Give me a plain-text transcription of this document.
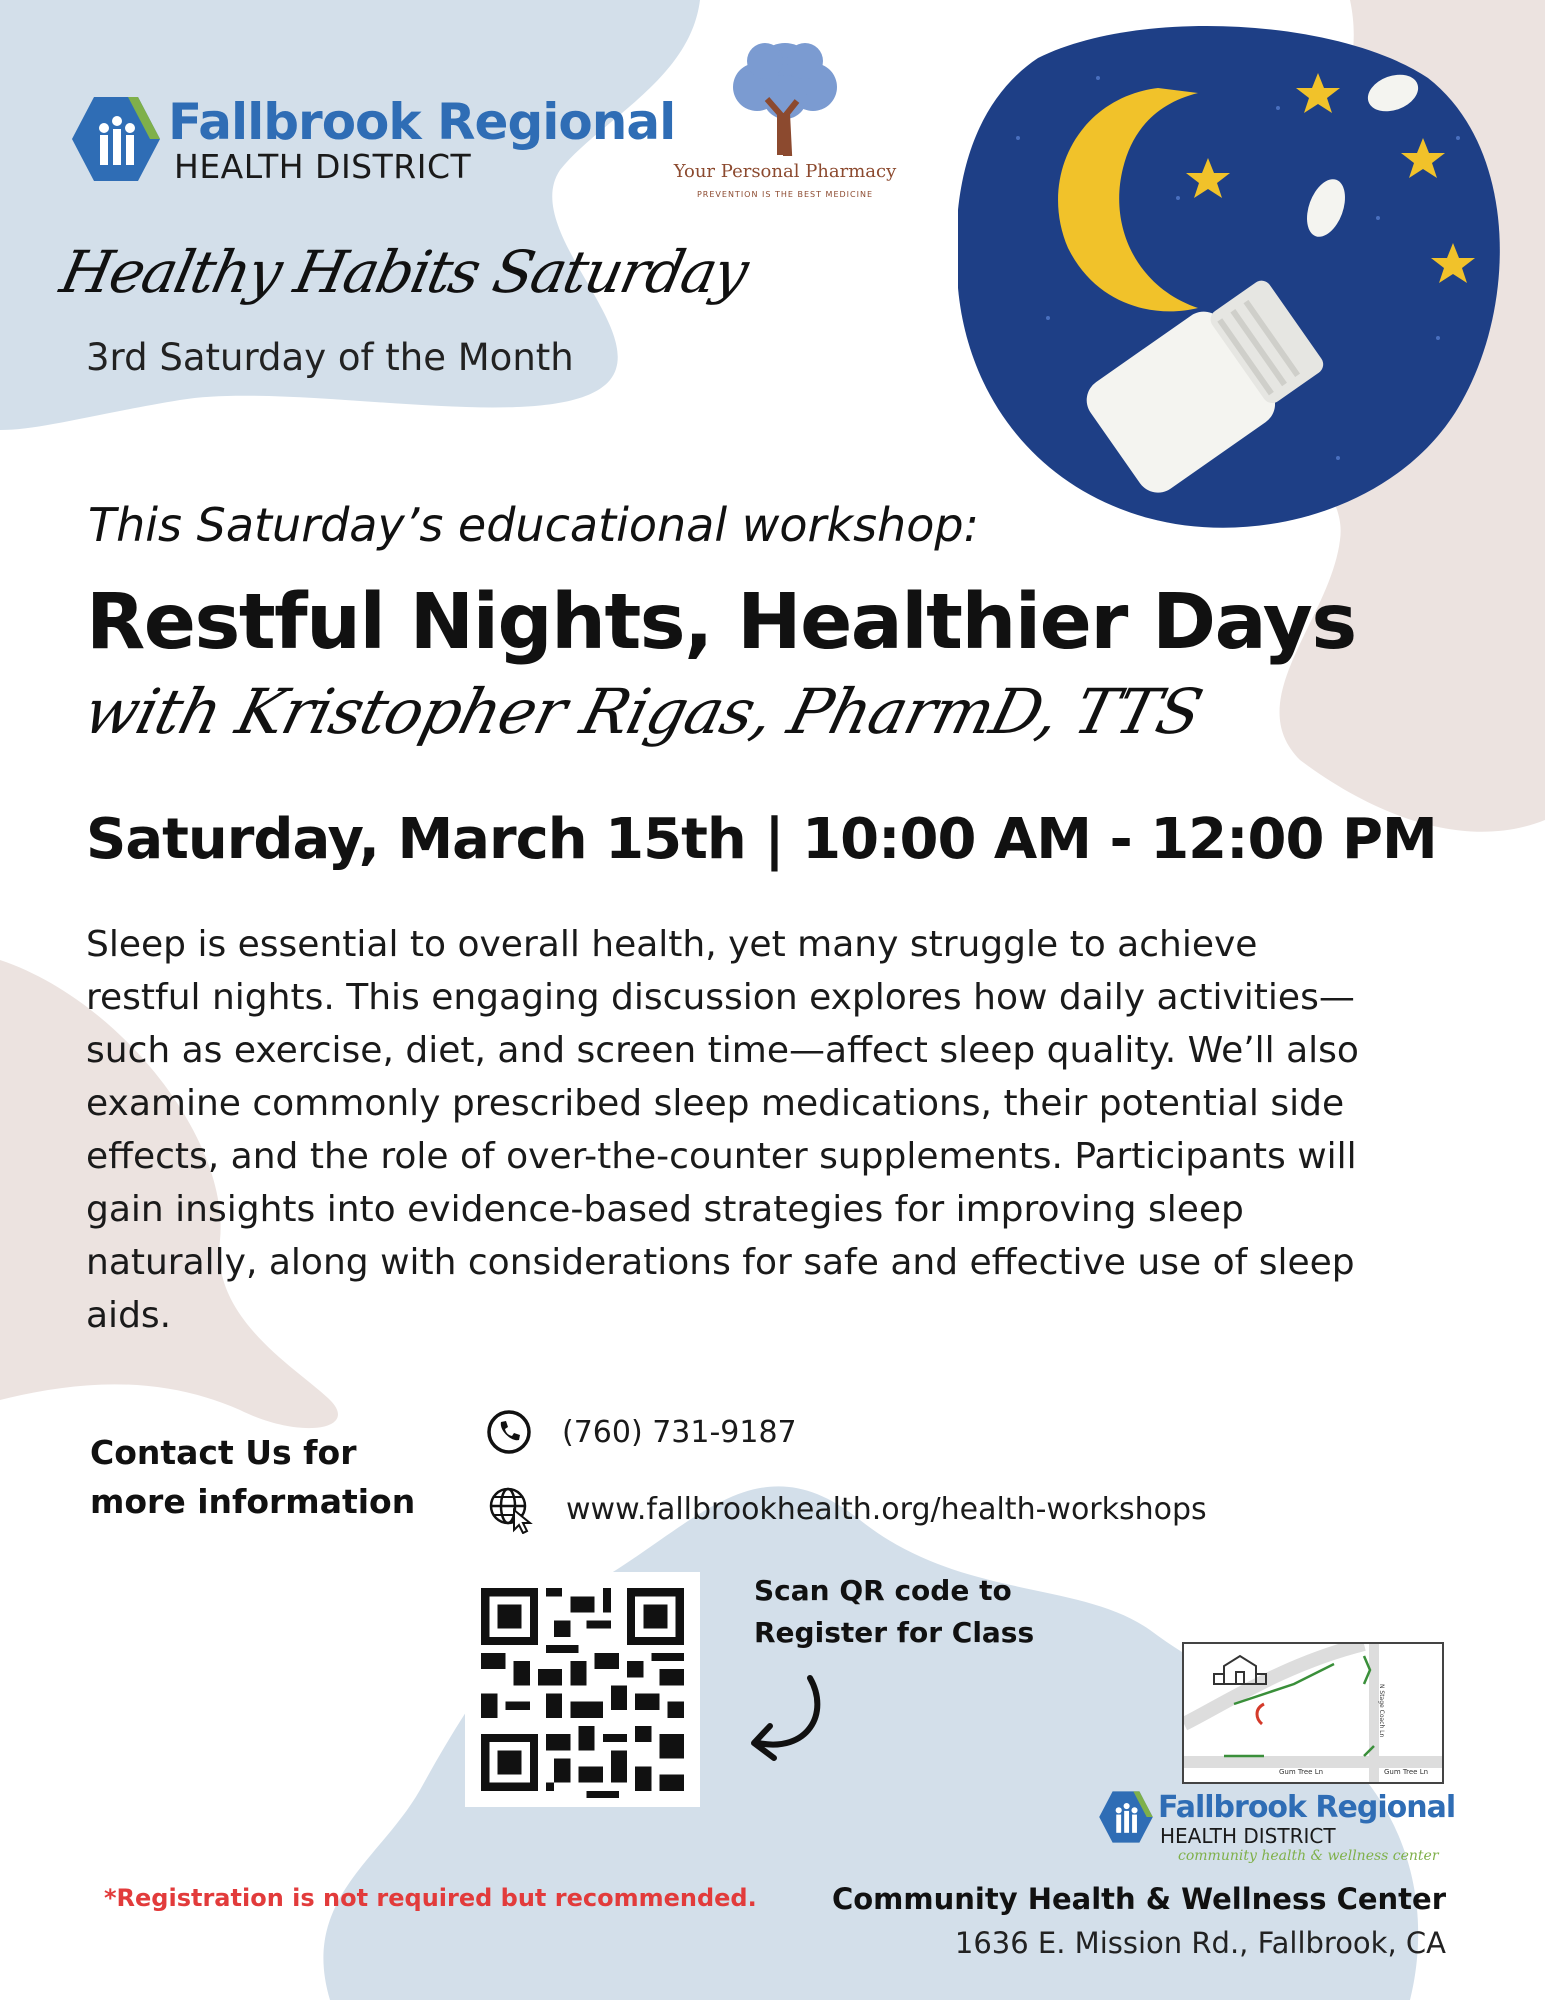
Fallbrook Regional
HEALTH DISTRICT	Your Personal Pharmacy
PREVENTION IS THE BEST MEDICINE
Healthy Habits Saturday
3rd Saturday of the Month
This Saturday’s educational workshop:
Restful Nights, Healthier Days
with Kristopher Rigas, PharmD, TTS
Saturday, March 15th | 10:00 AM - 12:00 PM
Sleep is essential to overall health, yet many struggle to achieve restful nights. This engaging discussion explores how daily activities—such as exercise, diet, and screen time—affect sleep quality. We’ll also examine commonly prescribed sleep medications, their potential side effects, and the role of over-the-counter supplements. Participants will gain insights into evidence-based strategies for improving sleep naturally, along with considerations for safe and effective use of sleep aids.
Contact Us for more information
(760) 731-9187
www.fallbrookhealth.org/health-workshops
Scan QR code to Register for Class
*Registration is not required but recommended.
N Stage Coach Ln
Gum Tree Ln	Gum Tree Ln
Fallbrook Regional
HEALTH DISTRICT
community health & wellness center
Community Health & Wellness Center
1636 E. Mission Rd., Fallbrook, CA
